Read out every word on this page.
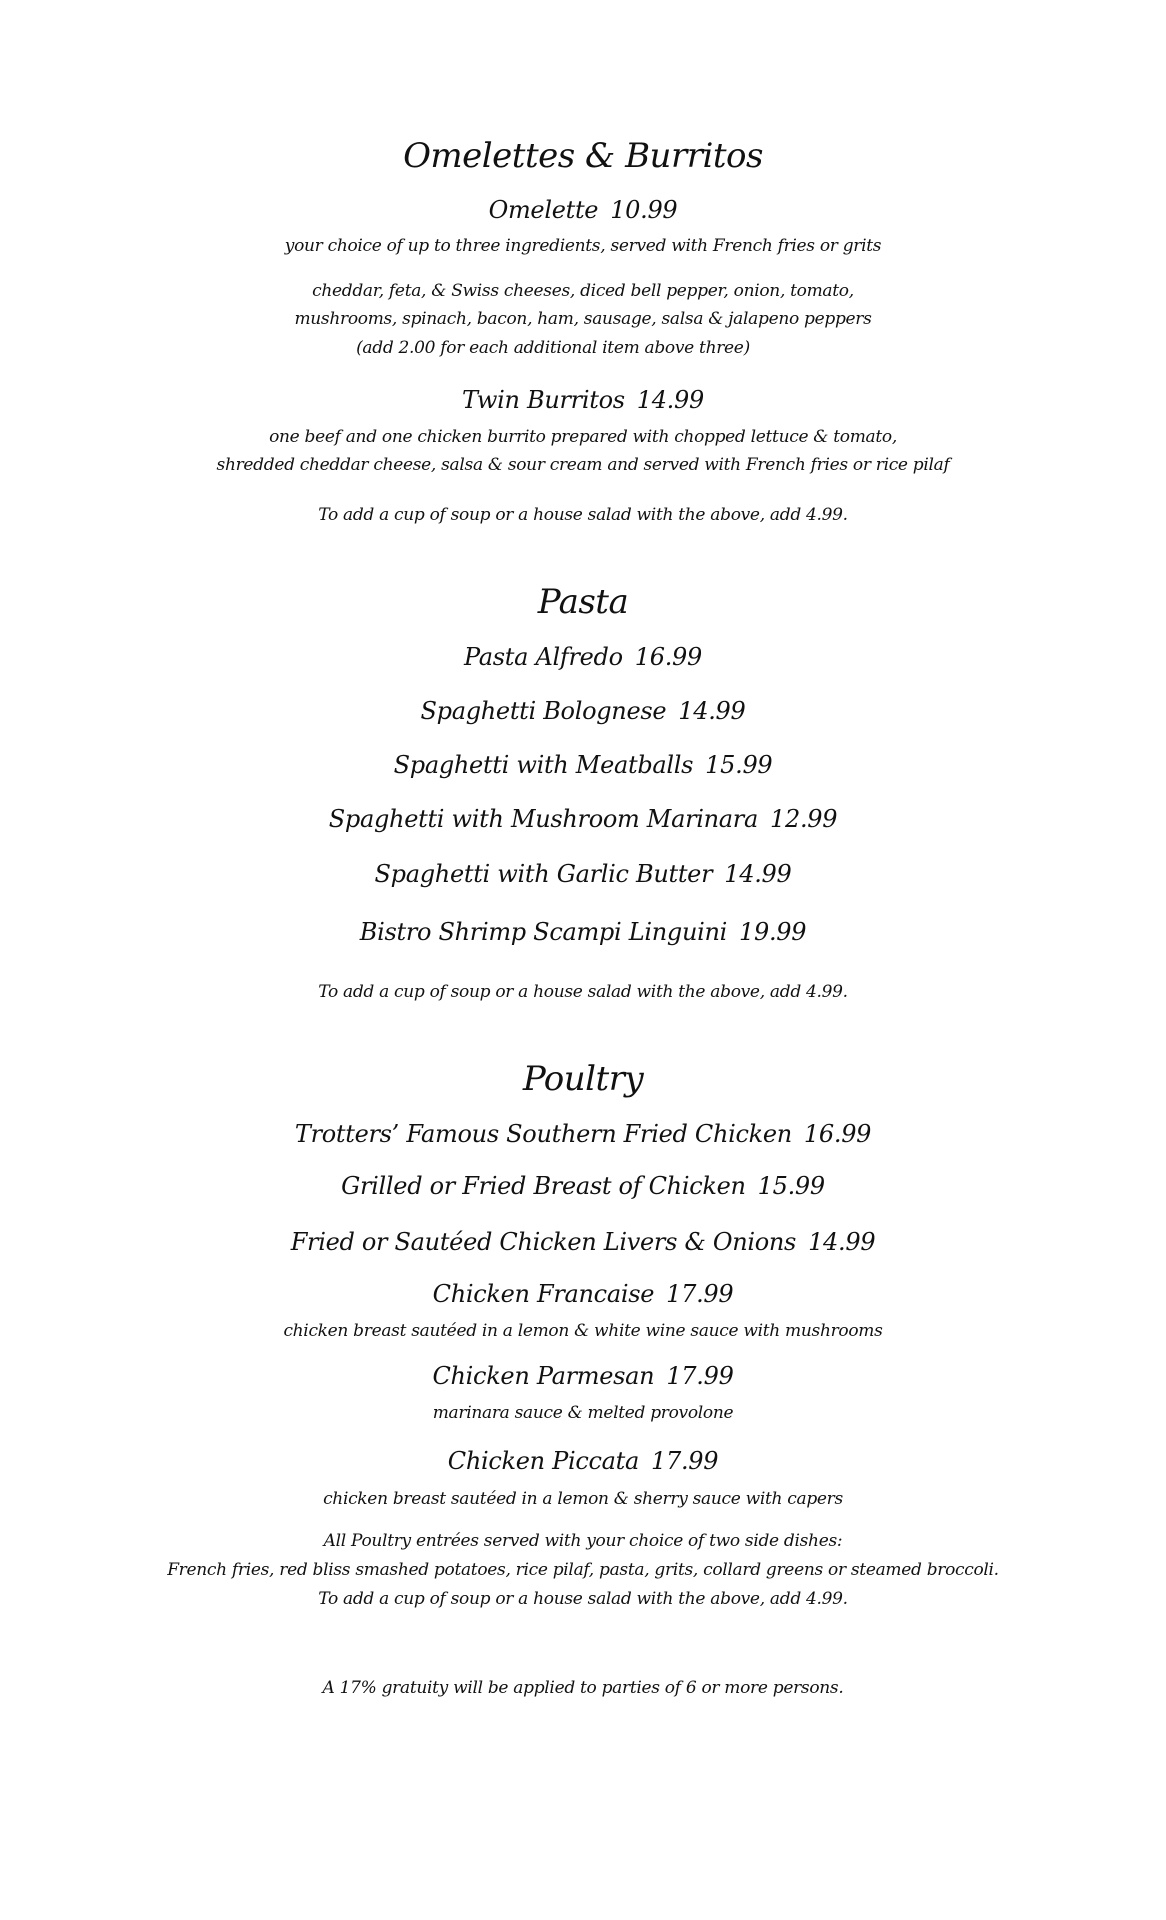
Omelettes & Burritos
Omelette 10.99
your choice of up to three ingredients, served with French fries or grits
cheddar, feta, & Swiss cheeses, diced bell pepper, onion, tomato,
mushrooms, spinach, bacon, ham, sausage, salsa & jalapeno peppers
(add 2.00 for each additional item above three)
Twin Burritos 14.99
one beef and one chicken burrito prepared with chopped lettuce & tomato,
shredded cheddar cheese, salsa & sour cream and served with French fries or rice pilaf
To add a cup of soup or a house salad with the above, add 4.99.
Pasta
Pasta Alfredo 16.99
Spaghetti Bolognese 14.99
Spaghetti with Meatballs 15.99
Spaghetti with Mushroom Marinara 12.99
Spaghetti with Garlic Butter 14.99
Bistro Shrimp Scampi Linguini 19.99
To add a cup of soup or a house salad with the above, add 4.99.
Poultry
Trotters’ Famous Southern Fried Chicken 16.99
Grilled or Fried Breast of Chicken 15.99
Fried or Sautéed Chicken Livers & Onions 14.99
Chicken Francaise 17.99
chicken breast sautéed in a lemon & white wine sauce with mushrooms
Chicken Parmesan 17.99
marinara sauce & melted provolone
Chicken Piccata 17.99
chicken breast sautéed in a lemon & sherry sauce with capers
All Poultry entrées served with your choice of two side dishes:
French fries, red bliss smashed potatoes, rice pilaf, pasta, grits, collard greens or steamed broccoli.
To add a cup of soup or a house salad with the above, add 4.99.
A 17% gratuity will be applied to parties of 6 or more persons.
